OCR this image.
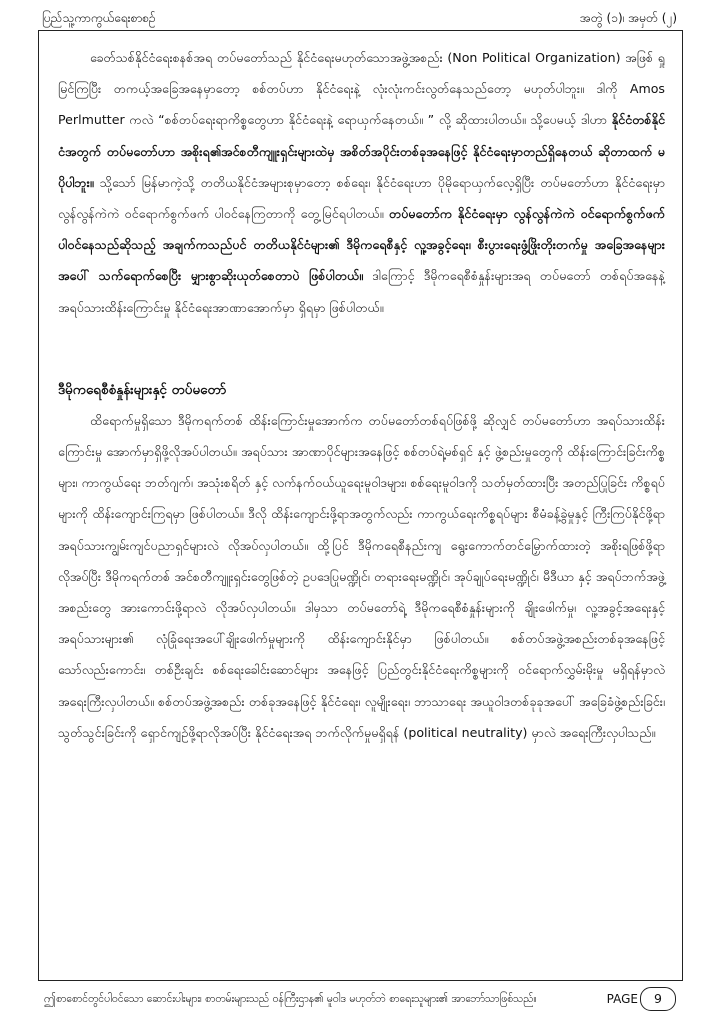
ပြည်သူ့ကာကွယ်ရေးစာစဉ်	အတွဲ (၁)၊ အမှတ် (၂)

ခေတ်သစ်နိုင်ငံရေးစနစ်အရ တပ်မတော်သည် နိုင်ငံရေးမဟုတ်သောအဖွဲ့အစည်း (Non Political Organization) အဖြစ် ရှုမြင်ကြပြီး တကယ့်အခြေအနေမှာတော့ စစ်တပ်ဟာ နိုင်ငံရေးနဲ့ လုံးလုံးကင်းလွတ်နေသည်တော့ မဟုတ်ပါဘူး။ ဒါကို Amos Perlmutter ကလဲ “စစ်တပ်ရေးရာကိစ္စတွေဟာ နိုင်ငံရေးနဲ့ ရောယှက်နေတယ်။ ” လို့ ဆိုထားပါတယ်။ သို့ပေမယ့် ဒါဟာ နိုင်ငံတစ်နိုင်ငံအတွက် တပ်မတော်ဟာ အစိုးရ၏အင်စတီကျူးရှင်းများထဲမှ အစိတ်အပိုင်းတစ်ခုအနေဖြင့် နိုင်ငံရေးမှာတည်ရှိနေတယ် ဆိုတာထက် မပိုပါဘူး။ သို့သော် မြန်မာကဲ့သို့ တတိယနိုင်ငံအများစုမှာတော့ စစ်ရေး၊ နိုင်ငံရေးဟာ ပိုမိုရောယှက်လေ့ရှိပြီး တပ်မတော်ဟာ နိုင်ငံရေးမှာ လွန်လွန်ကဲကဲ ဝင်ရောက်စွက်ဖက် ပါဝင်နေကြတာကို တွေ့မြင်ရပါတယ်။ တပ်မတော်က နိုင်ငံရေးမှာ လွန်လွန်ကဲကဲ ဝင်ရောက်စွက်ဖက်ပါဝင်နေသည်ဆိုသည့် အချက်ကသည်ပင် တတိယနိုင်ငံများ၏ ဒီမိုကရေစီနှင့် လူ့အခွင့်ရေး၊ စီးပွားရေးဖွံ့ဖြိုးတိုးတက်မှု အခြေအနေများအပေါ် သက်ရောက်စေပြီး မျှားစွာဆိုးယုတ်စေတာပဲ ဖြစ်ပါတယ်။ ဒါကြောင့် ဒီမိုကရေစီစံနှုန်းများအရ တပ်မတော် တစ်ရပ်အနေနဲ့ အရပ်သားထိန်းကြောင်းမှု နိုင်ငံရေးအာဏာအောက်မှာ ရှိရမှာ ဖြစ်ပါတယ်။

ဒီမိုကရေစီစံနှုန်းများနှင့် တပ်မတော်

ထိရောက်မှုရှိသော ဒီမိုကရက်တစ် ထိန်းကြောင်းမှုအောက်က တပ်မတော်တစ်ရပ်ဖြစ်ဖို့ ဆိုလျှင် တပ်မတော်ဟာ အရပ်သားထိန်းကြောင်းမှု အောက်မှာရှိဖို့လိုအပ်ပါတယ်။ အရပ်သား အာဏာပိုင်များအနေဖြင့် စစ်တပ်ရဲ့မစ်ရှင် နှင့် ဖွဲ့စည်းမှုတွေကို ထိန်းကြောင်းခြင်းကိစ္စများ၊ ကာကွယ်ရေး ဘတ်ဂျက်၊ အသုံးစရိတ် နှင့် လက်နက်ဝယ်ယူရေးမူဝါဒများ၊ စစ်ရေးမူဝါဒကို သတ်မှတ်ထားပြီး အတည်ပြုခြင်း ကိစ္စရပ်များကို ထိန်းကျောင်းကြရမှာ ဖြစ်ပါတယ်။ ဒီလို ထိန်းကျောင်းဖို့ရာအတွက်လည်း ကာကွယ်ရေးကိစ္စရပ်များ စီမံခန့်ခွဲမှုနှင့် ကြီးကြပ်နိုင်ဖို့ရာ အရပ်သားကျွမ်းကျင်ပညာရှင်များလဲ လိုအပ်လှပါတယ်။ ထို့ပြင် ဒီမိုကရေစီနည်းကျ ရွေးကောက်တင်မြှောက်ထားတဲ့ အစိုးရဖြစ်ဖို့ရာ လိုအပ်ပြီး ဒီမိုကရက်တစ် အင်စတီကျူးရှင်းတွေဖြစ်တဲ့ ဥပဒေပြုမဏ္ဍိုင်၊ တရားရေးမဏ္ဍိုင်၊ အုပ်ချုပ်ရေးမဏ္ဍိုင်၊ မီဒီယာ နှင့် အရပ်ဘက်အဖွဲ့အစည်းတွေ အားကောင်းဖို့ရာလဲ လိုအပ်လှပါတယ်။ ဒါမှသာ တပ်မတော်ရဲ့ ဒီမိုကရေစီစံနှုန်းများကို ချိုးဖေါက်မှု၊ လူ့အခွင့်အရေးနှင့်အရပ်သားများ၏ လုံခြုံရေးအပေါ်ချိုးဖေါက်မှုများကို ထိန်းကျောင်းနိုင်မှာ ဖြစ်ပါတယ်။ စစ်တပ်အဖွဲ့အစည်းတစ်ခုအနေဖြင့် သော်လည်းကောင်း၊ တစ်ဦးချင်း စစ်ရေးခေါင်းဆောင်များ အနေဖြင့် ပြည်တွင်းနိုင်ငံရေးကိစ္စများကို ဝင်ရောက်လွှမ်းမိုးမှု မရှိရန်မှာလဲ အရေးကြီးလှပါတယ်။ စစ်တပ်အဖွဲ့အစည်း တစ်ခုအနေဖြင့် နိုင်ငံရေး၊ လူမျိုးရေး၊ ဘာသာရေး အယူဝါဒတစ်ခုခုအပေါ် အခြေခံဖွဲ့စည်းခြင်း၊ သွတ်သွင်းခြင်းကို ရှောင်ကျဉ်ဖို့ရာလိုအပ်ပြီး နိုင်ငံရေးအရ ဘက်လိုက်မှုမရှိရန် (political neutrality) မှာလဲ အရေးကြီးလှပါသည်။

ဤစာစောင်တွင်ပါဝင်သော ဆောင်းပါးများ၊ စာတမ်းများသည် ဝန်ကြီးဌာန၏ မူဝါဒ မဟုတ်ဘဲ စာရေးသူများ၏ အာဘော်သာဖြစ်သည်။	PAGE	9
